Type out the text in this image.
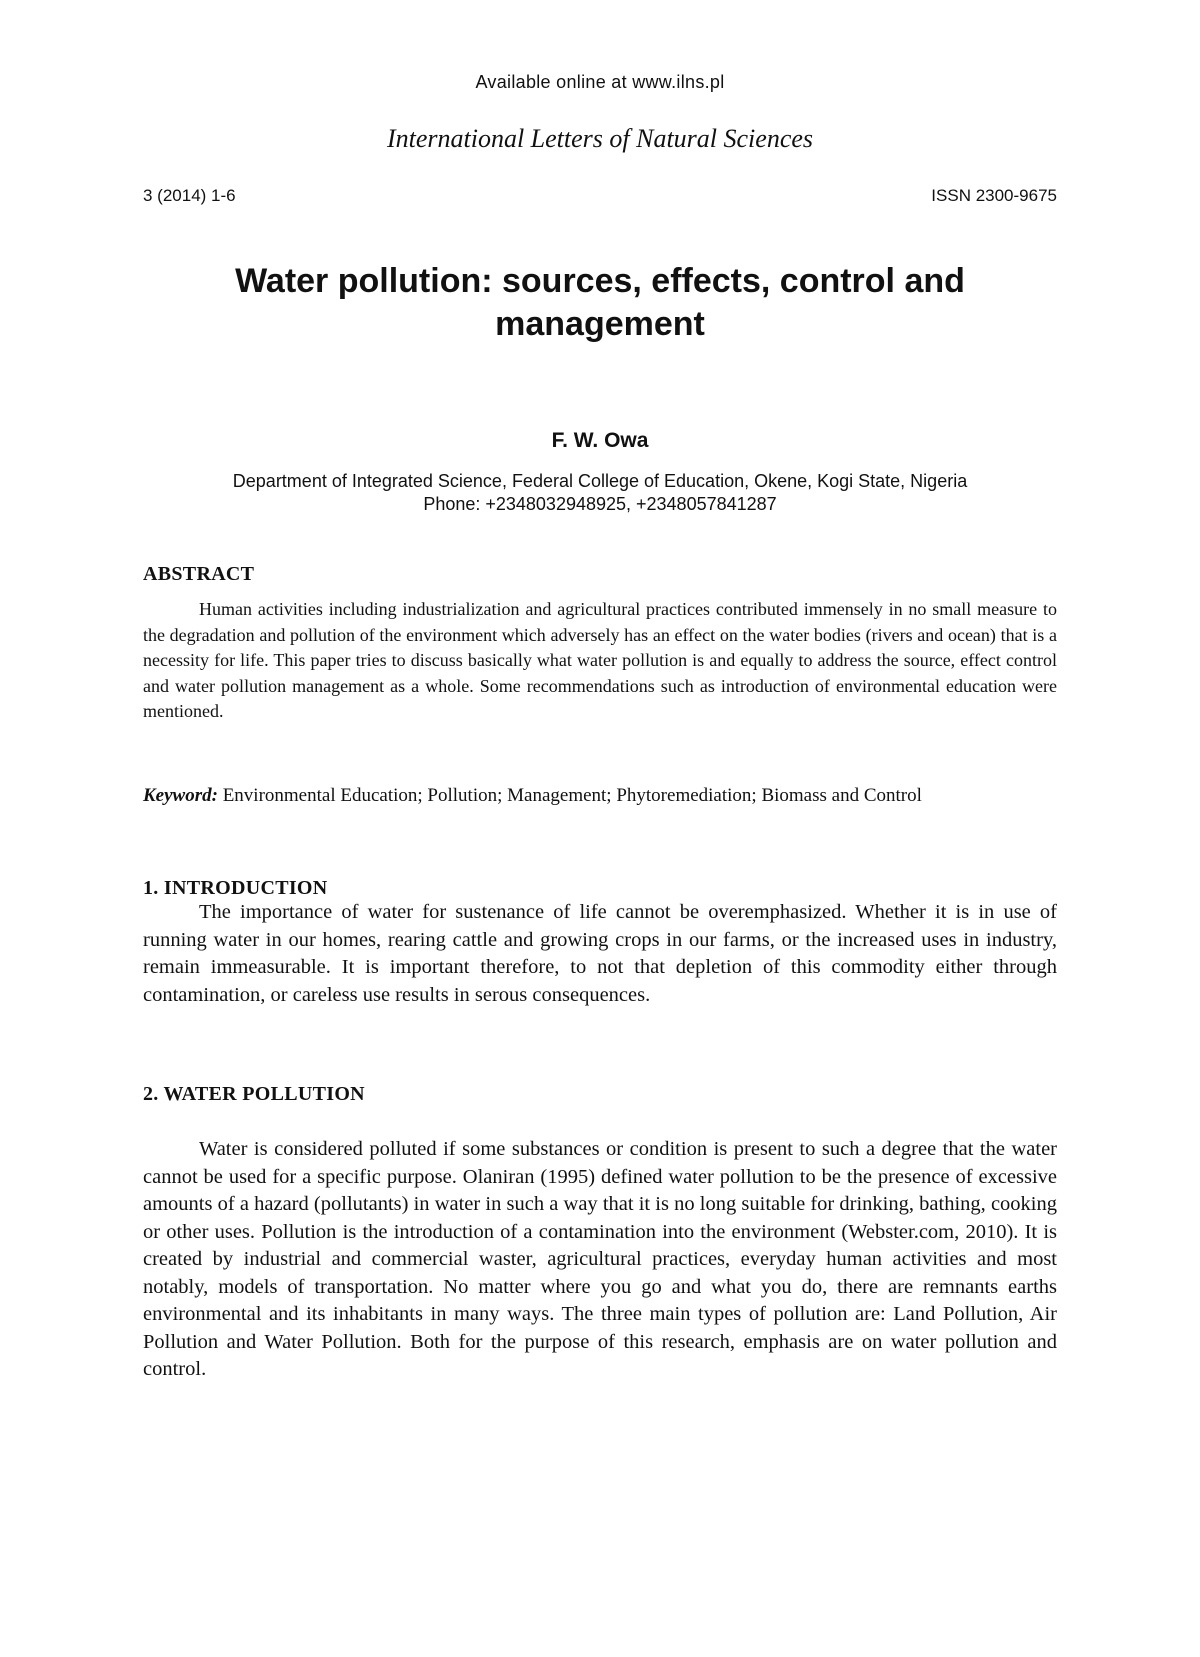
Available online at www.ilns.pl
International Letters of Natural Sciences
3 (2014) 1-6	ISSN 2300-9675
Water pollution: sources, effects, control and management
F. W. Owa
Department of Integrated Science, Federal College of Education, Okene, Kogi State, Nigeria
Phone: +2348032948925, +2348057841287
ABSTRACT
Human activities including industrialization and agricultural practices contributed immensely in no small measure to the degradation and pollution of the environment which adversely has an effect on the water bodies (rivers and ocean) that is a necessity for life. This paper tries to discuss basically what water pollution is and equally to address the source, effect control and water pollution management as a whole. Some recommendations such as introduction of environmental education were mentioned.
Keyword: Environmental Education; Pollution; Management; Phytoremediation; Biomass and Control
1. INTRODUCTION
The importance of water for sustenance of life cannot be overemphasized. Whether it is in use of running water in our homes, rearing cattle and growing crops in our farms, or the increased uses in industry, remain immeasurable. It is important therefore, to not that depletion of this commodity either through contamination, or careless use results in serous consequences.
2. WATER POLLUTION
Water is considered polluted if some substances or condition is present to such a degree that the water cannot be used for a specific purpose. Olaniran (1995) defined water pollution to be the presence of excessive amounts of a hazard (pollutants) in water in such a way that it is no long suitable for drinking, bathing, cooking or other uses. Pollution is the introduction of a contamination into the environment (Webster.com, 2010). It is created by industrial and commercial waster, agricultural practices, everyday human activities and most notably, models of transportation. No matter where you go and what you do, there are remnants earths environmental and its inhabitants in many ways. The three main types of pollution are: Land Pollution, Air Pollution and Water Pollution. Both for the purpose of this research, emphasis are on water pollution and control.
